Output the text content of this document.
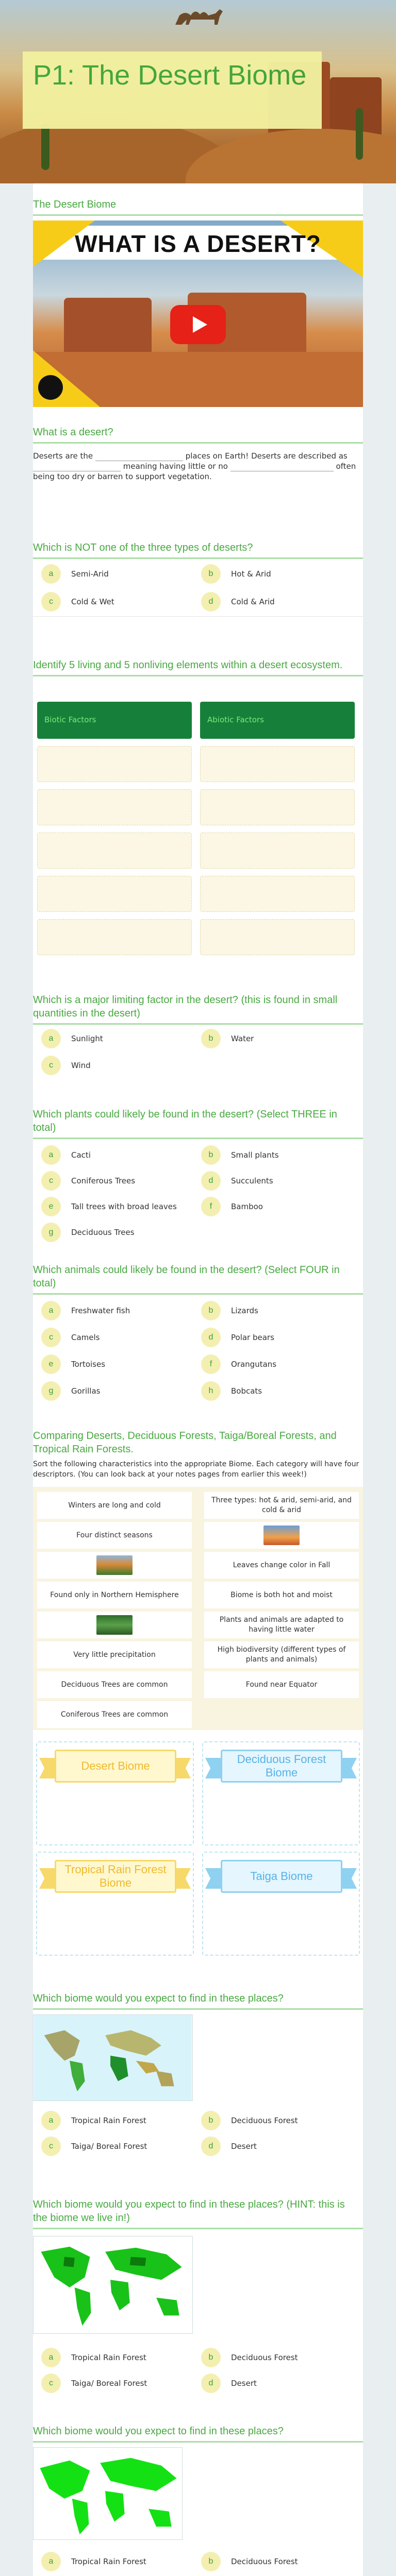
P1: The Desert Biome
The Desert Biome
WHAT IS A DESERT?
What is a desert?
Deserts are the	places on Earth! Deserts are described as  meaning having little or no	often being too dry or barren to support vegetation.
Which is NOT one of the three types of deserts?
a	Semi-Arid	b	Hot & Arid
c	Cold & Wet	d	Cold & Arid
Identify 5 living and 5 nonliving elements within a desert ecosystem.
Biotic Factors	Abiotic Factors
Which is a major limiting factor in the desert? (this is found in small quantities in the desert)
a	Sunlight	b	Water
c	Wind
Which plants could likely be found in the desert? (Select THREE in total)
a	Cacti	b	Small plants
c	Coniferous Trees	d	Succulents
e	Tall trees with broad leaves	f	Bamboo
g	Deciduous Trees
Which animals could likely be found in the desert? (Select FOUR in total)
a	Freshwater fish	b	Lizards
c	Camels	d	Polar bears
e	Tortoises	f	Orangutans
g	Gorillas	h	Bobcats
Comparing Deserts, Deciduous Forests, Taiga/Boreal Forests, and Tropical Rain Forests.
Sort the following characteristics into the appropriate Biome. Each category will have four descriptors. (You can look back at your notes pages from earlier this week!)
Winters are long and cold
Three types: hot & arid, semi-arid, and cold & arid
Four distinct seasons
Leaves change color in Fall
Found only in Northern Hemisphere	Biome is both hot and moist
Plants and animals are adapted to having little water
Very little precipitation
High biodiversity (different types of plants and animals)
Deciduous Trees are common	Found near Equator
Coniferous Trees are common
Desert Biome
Deciduous Forest Biome
Tropical Rain Forest Biome
Taiga Biome
Which biome would you expect to find in these places?
a	Tropical Rain Forest	b	Deciduous Forest
c	Taiga/ Boreal Forest	d	Desert
Which biome would you expect to find in these places? (HINT: this is the biome we live in!)
a	Tropical Rain Forest	b	Deciduous Forest
c	Taiga/ Boreal Forest	d	Desert
Which biome would you expect to find in these places?
a	Tropical Rain Forest	b	Deciduous Forest
